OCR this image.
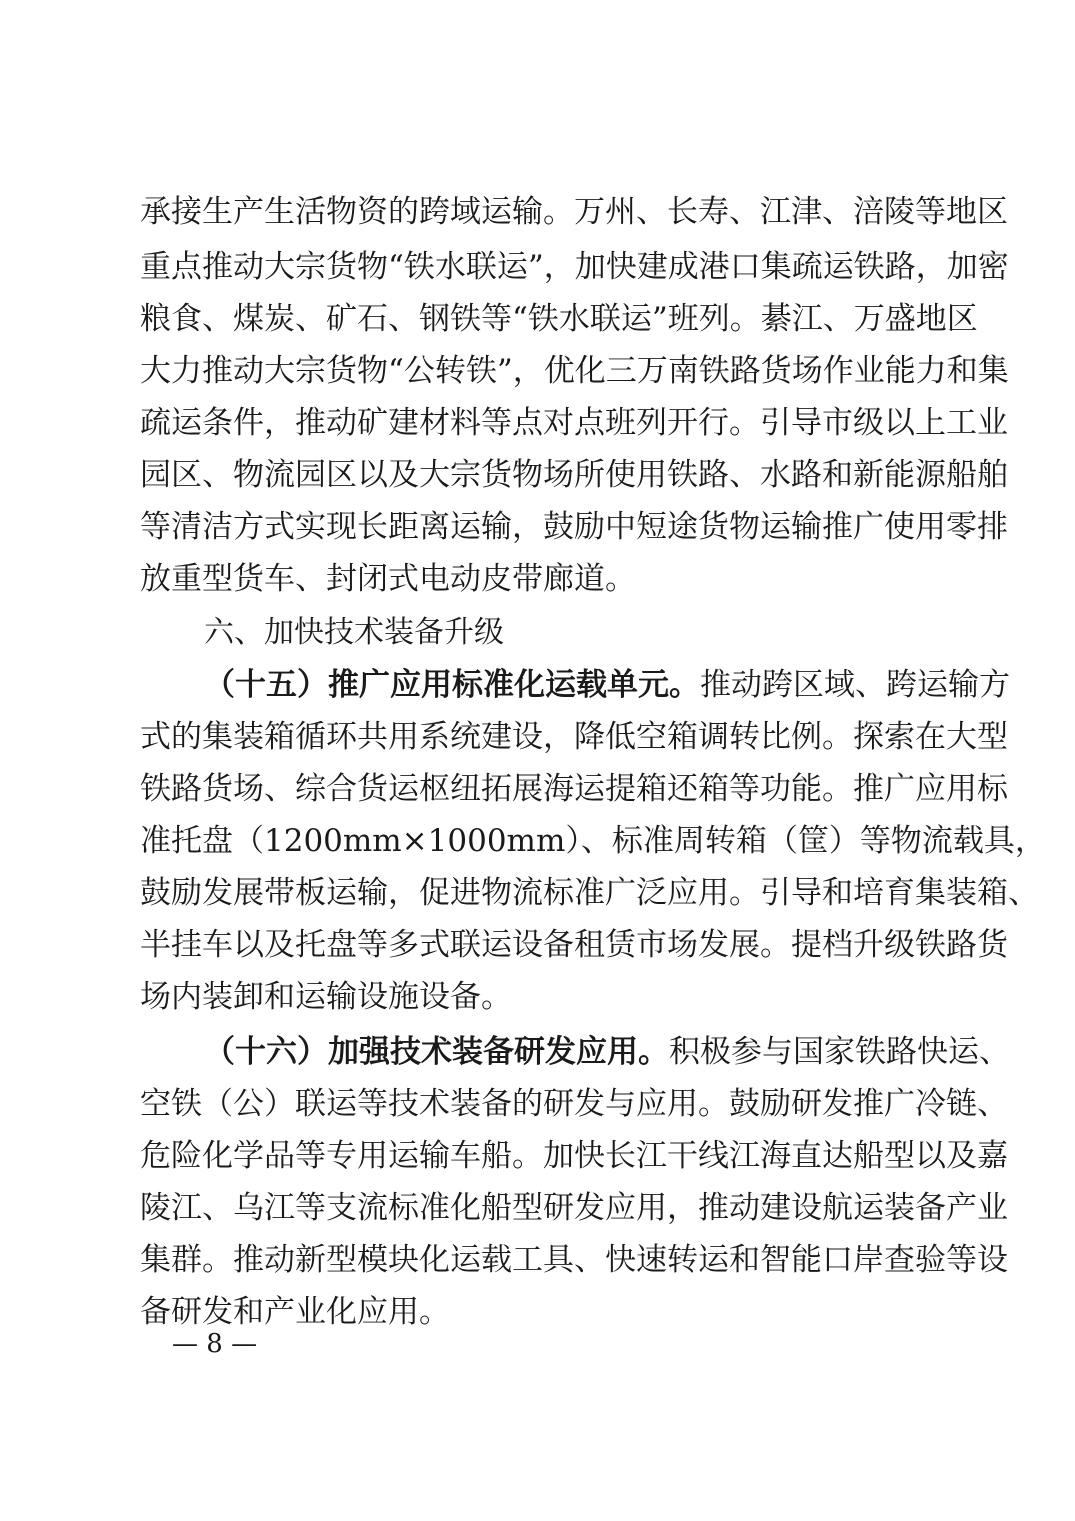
承接生产生活物资的跨域运输。万州、长寿、江津、涪陵等地区
重点推动大宗货物“铁水联运”，加快建成港口集疏运铁路，加密
粮食、煤炭、矿石、钢铁等“铁水联运”班列。綦江、万盛地区
大力推动大宗货物“公转铁”，优化三万南铁路货场作业能力和集
疏运条件，推动矿建材料等点对点班列开行。引导市级以上工业
园区、物流园区以及大宗货物场所使用铁路、水路和新能源船舶
等清洁方式实现长距离运输，鼓励中短途货物运输推广使用零排
放重型货车、封闭式电动皮带廊道。
六、加快技术装备升级
（十五）推广应用标准化运载单元。推动跨区域、跨运输方
式的集装箱循环共用系统建设，降低空箱调转比例。探索在大型
铁路货场、综合货运枢纽拓展海运提箱还箱等功能。推广应用标
准托盘（1200mm×1000mm）、标准周转箱（筐）等物流载具，
鼓励发展带板运输，促进物流标准广泛应用。引导和培育集装箱、
半挂车以及托盘等多式联运设备租赁市场发展。提档升级铁路货
场内装卸和运输设施设备。
（十六）加强技术装备研发应用。积极参与国家铁路快运、
空铁（公）联运等技术装备的研发与应用。鼓励研发推广冷链、
危险化学品等专用运输车船。加快长江干线江海直达船型以及嘉
陵江、乌江等支流标准化船型研发应用，推动建设航运装备产业
集群。推动新型模块化运载工具、快速转运和智能口岸查验等设
备研发和产业化应用。
— 8 —
